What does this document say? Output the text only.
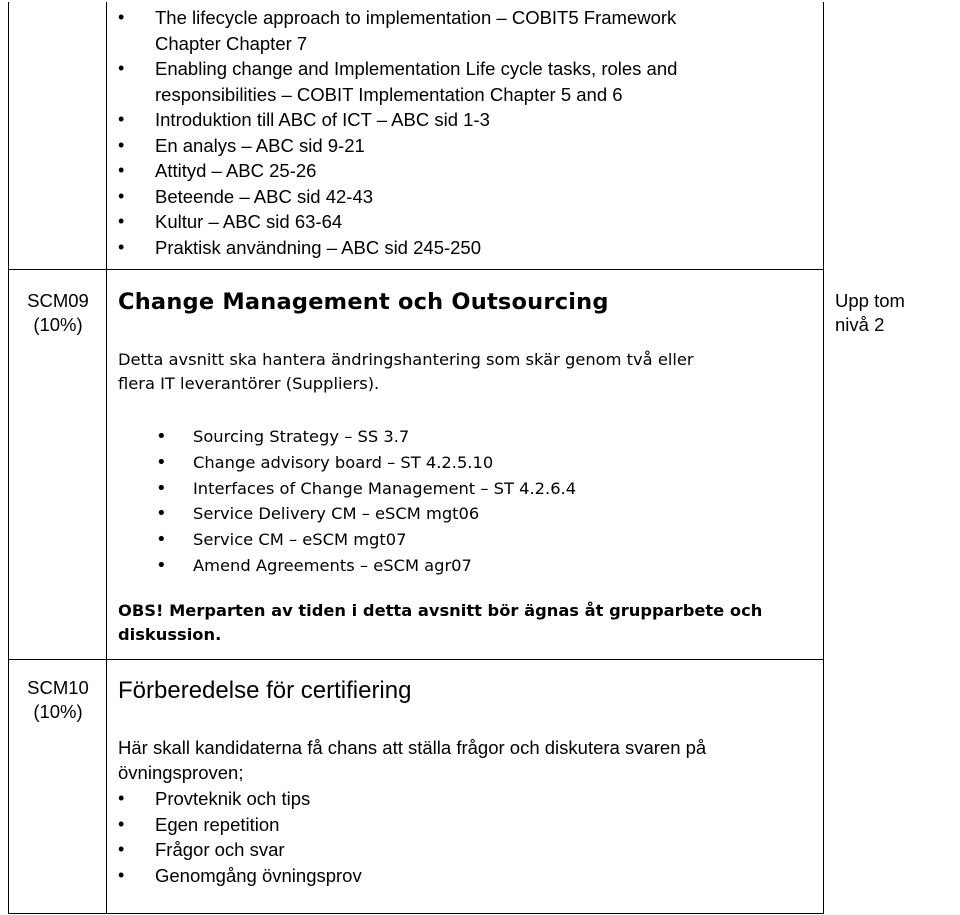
• The lifecycle approach to implementation – COBIT5 Framework
Chapter Chapter 7
• Enabling change and Implementation Life cycle tasks, roles and
responsibilities – COBIT Implementation Chapter 5 and 6
• Introduktion till ABC of ICT – ABC sid 1-3
• En analys – ABC sid 9-21
• Attityd – ABC 25-26
• Beteende – ABC sid 42-43
• Kultur – ABC sid 63-64
• Praktisk användning – ABC sid 245-250
SCM09
(10%)
Change Management och Outsourcing	Upp tom
nivå 2
Detta avsnitt ska hantera ändringshantering som skär genom två eller
flera IT leverantörer (Suppliers).
• Sourcing Strategy – SS 3.7
• Change advisory board – ST 4.2.5.10
• Interfaces of Change Management – ST 4.2.6.4
• Service Delivery CM – eSCM mgt06
• Service CM – eSCM mgt07
• Amend Agreements – eSCM agr07
OBS! Merparten av tiden i detta avsnitt bör ägnas åt grupparbete och
diskussion.
SCM10
(10%)
Förberedelse för certifiering
Här skall kandidaterna få chans att ställa frågor och diskutera svaren på
övningsproven;
• Provteknik och tips
• Egen repetition
• Frågor och svar
• Genomgång övningsprov
